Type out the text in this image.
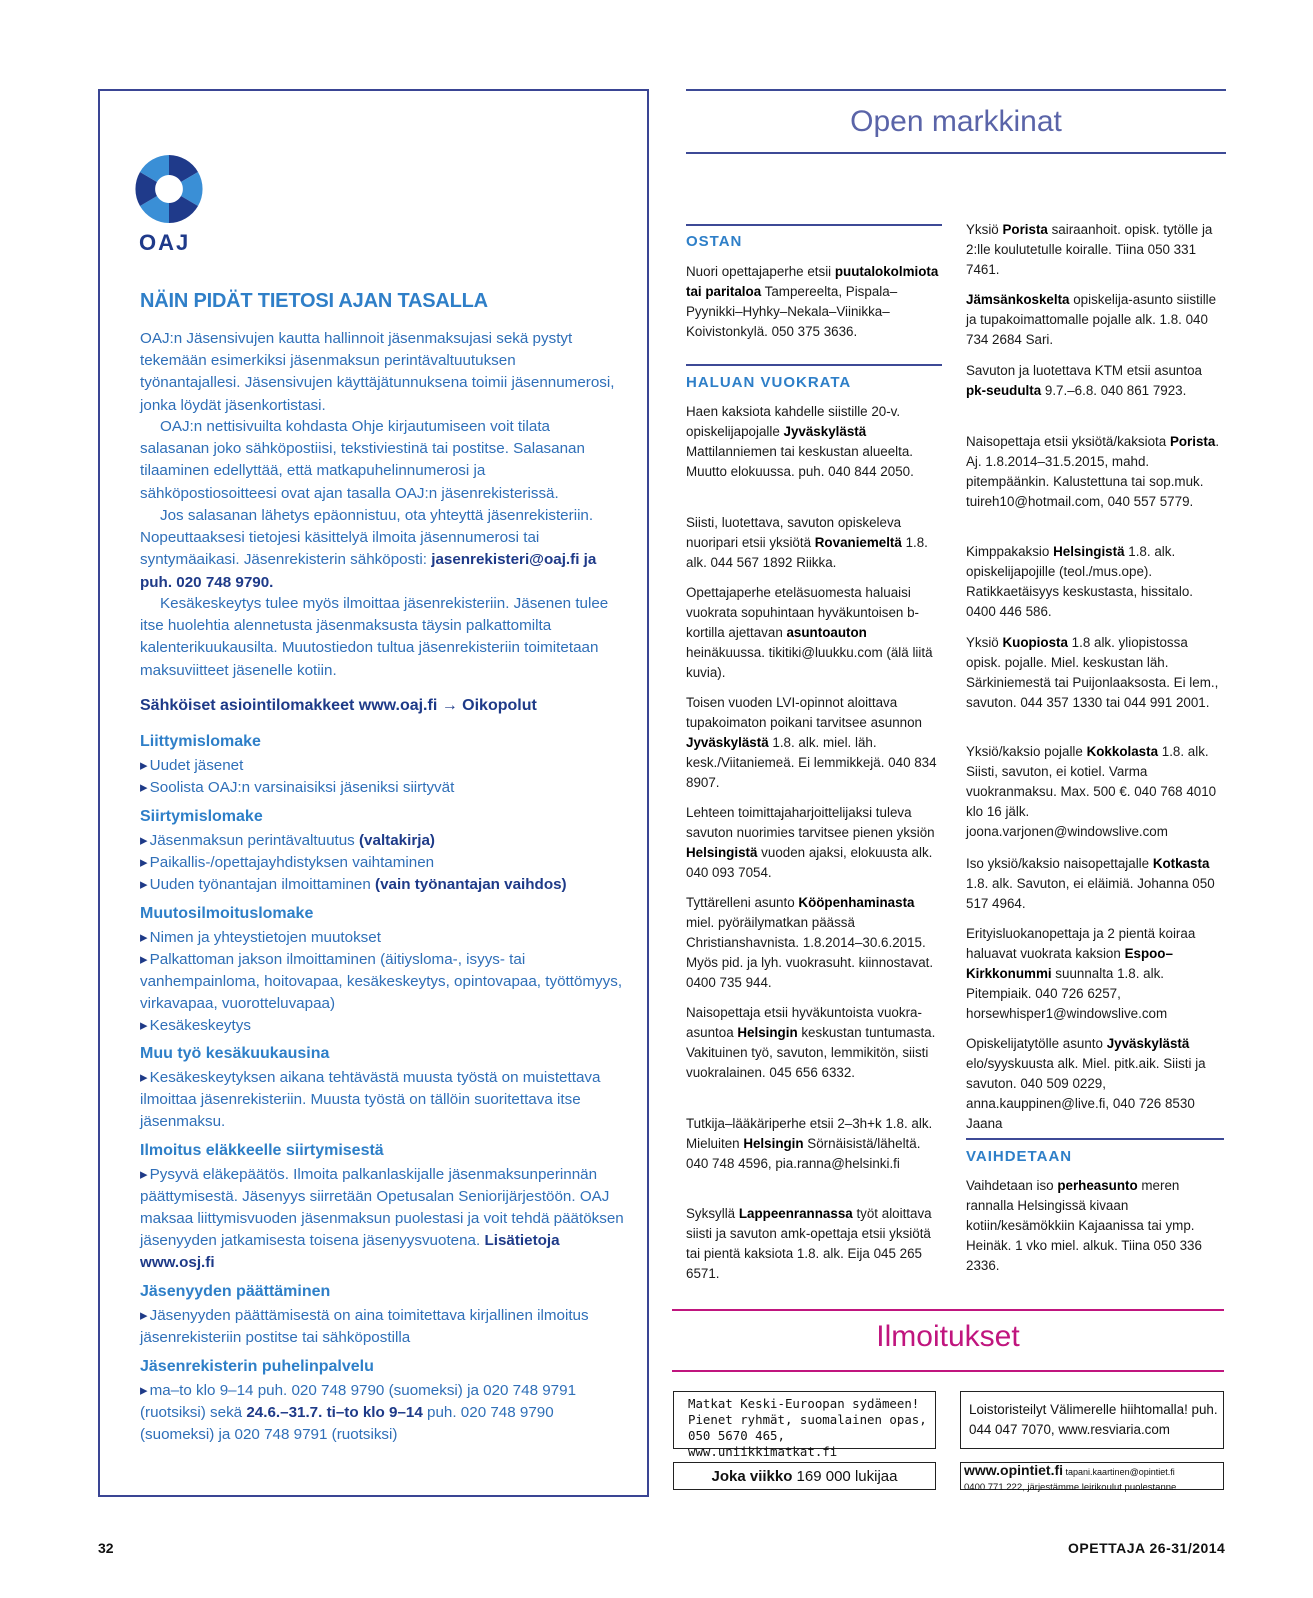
OAJ
NÄIN PIDÄT TIETOSI AJAN TASALLA

OAJ:n Jäsensivujen kautta hallinnoit jäsenmaksujasi sekä pystyt tekemään esimerkiksi jäsenmaksun perintävaltuutuksen työnantajallesi. Jäsensivujen käyttäjätunnuksena toimii jäsennumerosi, jonka löydät jäsenkortistasi.

OAJ:n nettisivuilta kohdasta Ohje kirjautumiseen voit tilata salasanan joko sähköpostiisi, tekstiviestinä tai postitse. Salasanan tilaaminen edellyttää, että matkapuhelinnumerosi ja sähköpostiosoitteesi ovat ajan tasalla OAJ:n jäsenrekisterissä.

Jos salasanan lähetys epäonnistuu, ota yhteyttä jäsenrekisteriin. Nopeuttaaksesi tietojesi käsittelyä ilmoita jäsennumerosi tai syntymäaikasi. Jäsenrekisterin sähköposti: jasenrekisteri@oaj.fi ja puh. 020 748 9790.

Kesäkeskeytys tulee myös ilmoittaa jäsenrekisteriin. Jäsenen tulee itse huolehtia alennetusta jäsenmaksusta täysin palkattomilta kalenterikuukausilta. Muutostiedon tultua jäsenrekisteriin toimitetaan maksuviitteet jäsenelle kotiin.

Sähköiset asiointilomakkeet www.oaj.fi → Oikopolut
Liittymislomake
▸ Uudet jäsenet
▸ Soolista OAJ:n varsinaisiksi jäseniksi siirtyvät
Siirtymislomake
▸ Jäsenmaksun perintävaltuutus (valtakirja)
▸ Paikallis-/opettajayhdistyksen vaihtaminen
▸ Uuden työnantajan ilmoittaminen (vain työnantajan vaihdos)
Muutosilmoituslomake
▸ Nimen ja yhteystietojen muutokset
▸ Palkattoman jakson ilmoittaminen (äitiysloma-, isyys- tai vanhempainloma, hoitovapaa, kesäkeskeytys, opintovapaa, työttömyys, virkavapaa, vuorotteluvapaa)
▸ Kesäkeskeytys
Muu työ kesäkuukausina
▸ Kesäkeskeytyksen aikana tehtävästä muusta työstä on muistettava ilmoittaa jäsenrekisteriin. Muusta työstä on tällöin suoritettava itse jäsenmaksu.
Ilmoitus eläkkeelle siirtymisestä
▸ Pysyvä eläkepäätös. Ilmoita palkanlaskijalle jäsenmaksunperinnän päättymisestä. Jäsenyys siirretään Opetusalan Seniorijärjestöön. OAJ maksaa liittymisvuoden jäsenmaksun puolestasi ja voit tehdä päätöksen jäsenyyden jatkamisesta toisena jäsenyysvuotena. Lisätietoja www.osj.fi
Jäsenyyden päättäminen
▸ Jäsenyyden päättämisestä on aina toimitettava kirjallinen ilmoitus jäsenrekisteriin postitse tai sähköpostilla
Jäsenrekisterin puhelinpalvelu
▸ ma–to klo 9–14 puh. 020 748 9790 (suomeksi) ja 020 748 9791 (ruotsiksi) sekä 24.6.–31.7. ti–to klo 9–14 puh. 020 748 9790 (suomeksi) ja 020 748 9791 (ruotsiksi)
Open markkinat
OSTAN

Nuori opettajaperhe etsii puutalokolmiota tai paritaloa Tampereelta, Pispala–Pyynikki–Hyhky–Nekala–Viinikka–Koivistonkylä. 050 375 3636.

HALUAN VUOKRATA

Haen kaksiota kahdelle siistille 20-v. opiskelijapojalle Jyväskylästä Mattilanniemen tai keskustan alueelta. Muutto elokuussa. puh. 040 844 2050.

Siisti, luotettava, savuton opiskeleva nuoripari etsii yksiötä Rovaniemeltä 1.8. alk. 044 567 1892 Riikka.

Opettajaperhe eteläsuomesta haluaisi vuokrata sopuhintaan hyväkuntoisen b-kortilla ajettavan asuntoauton heinäkuussa. tikitiki@luukku.com (älä liitä kuvia).

Toisen vuoden LVI-opinnot aloittava tupakoimaton poikani tarvitsee asunnon Jyväskylästä 1.8. alk. miel. läh. kesk./Viitaniemeä. Ei lemmikkejä. 040 834 8907.

Lehteen toimittajaharjoittelijaksi tuleva savuton nuorimies tarvitsee pienen yksiön Helsingistä vuoden ajaksi, elokuusta alk. 040 093 7054.

Tyttärelleni asunto Kööpenhaminasta miel. pyöräilymatkan päässä Christianshavnista. 1.8.2014–30.6.2015. Myös pid. ja lyh. vuokrasuht. kiinnostavat. 0400 735 944.

Naisopettaja etsii hyväkuntoista vuokra-asuntoa Helsingin keskustan tuntumasta. Vakituinen työ, savuton, lemmikitön, siisti vuokralainen. 045 656 6332.

Tutkija–lääkäriperhe etsii 2–3h+k 1.8. alk. Mieluiten Helsingin Sörnäisistä/läheltä. 040 748 4596, pia.ranna@helsinki.fi

Syksyllä Lappeenrannassa työt aloittava siisti ja savuton amk-opettaja etsii yksiötä tai pientä kaksiota 1.8. alk. Eija 045 265 6571.

Yksiö Porista sairaanhoit. opisk. tytölle ja 2:lle koulutetulle koiralle. Tiina 050 331 7461.

Jämsänkoskelta opiskelija-asunto siistille ja tupakoimattomalle pojalle alk. 1.8. 040 734 2684 Sari.

Savuton ja luotettava KTM etsii asuntoa pk-seudulta 9.7.–6.8. 040 861 7923.

Naisopettaja etsii yksiötä/kaksiota Porista. Aj. 1.8.2014–31.5.2015, mahd. pitempäänkin. Kalustettuna tai sop.muk. tuireh10@hotmail.com, 040 557 5779.

Kimppakaksio Helsingistä 1.8. alk. opiskelijapojille (teol./mus.ope). Ratikkaetäisyys keskustasta, hissitalo. 0400 446 586.

Yksiö Kuopiosta 1.8 alk. yliopistossa opisk. pojalle. Miel. keskustan läh. Särkiniemestä tai Puijonlaaksosta. Ei lem., savuton. 044 357 1330 tai 044 991 2001.

Yksiö/kaksio pojalle Kokkolasta 1.8. alk. Siisti, savuton, ei kotiel. Varma vuokranmaksu. Max. 500 €. 040 768 4010 klo 16 jälk. joona.varjonen@windowslive.com

Iso yksiö/kaksio naisopettajalle Kotkasta 1.8. alk. Savuton, ei eläimiä. Johanna 050 517 4964.

Erityisluokanopettaja ja 2 pientä koiraa haluavat vuokrata kaksion Espoo–Kirkkonummi suunnalta 1.8. alk. Pitempiaik. 040 726 6257, horsewhisper1@windowslive.com

Opiskelijatytölle asunto Jyväskylästä elo/syyskuusta alk. Miel. pitk.aik. Siisti ja savuton. 040 509 0229, anna.kauppinen@live.fi, 040 726 8530 Jaana

VAIHDETAAN

Vaihdetaan iso perheasunto meren rannalla Helsingissä kivaan kotiin/kesämökkiin Kajaanissa tai ymp. Heinäk. 1 vko miel. alkuk. Tiina 050 336 2336.

Ilmoitukset
Matkat Keski-Euroopan sydämeen! Pienet ryhmät, suomalainen opas, 050 5670 465, www.uniikkimatkat.fi
Loistoristeilyt Välimerelle hiihtomalla! puh. 044 047 7070, www.resviaria.com
Joka viikko 169 000 lukijaa	www.opintiet.fi tapani.kaartinen@opintiet.fi
0400 771 222, järjestämme leirikoulut puolestanne
32	OPETTAJA 26-31/2014
